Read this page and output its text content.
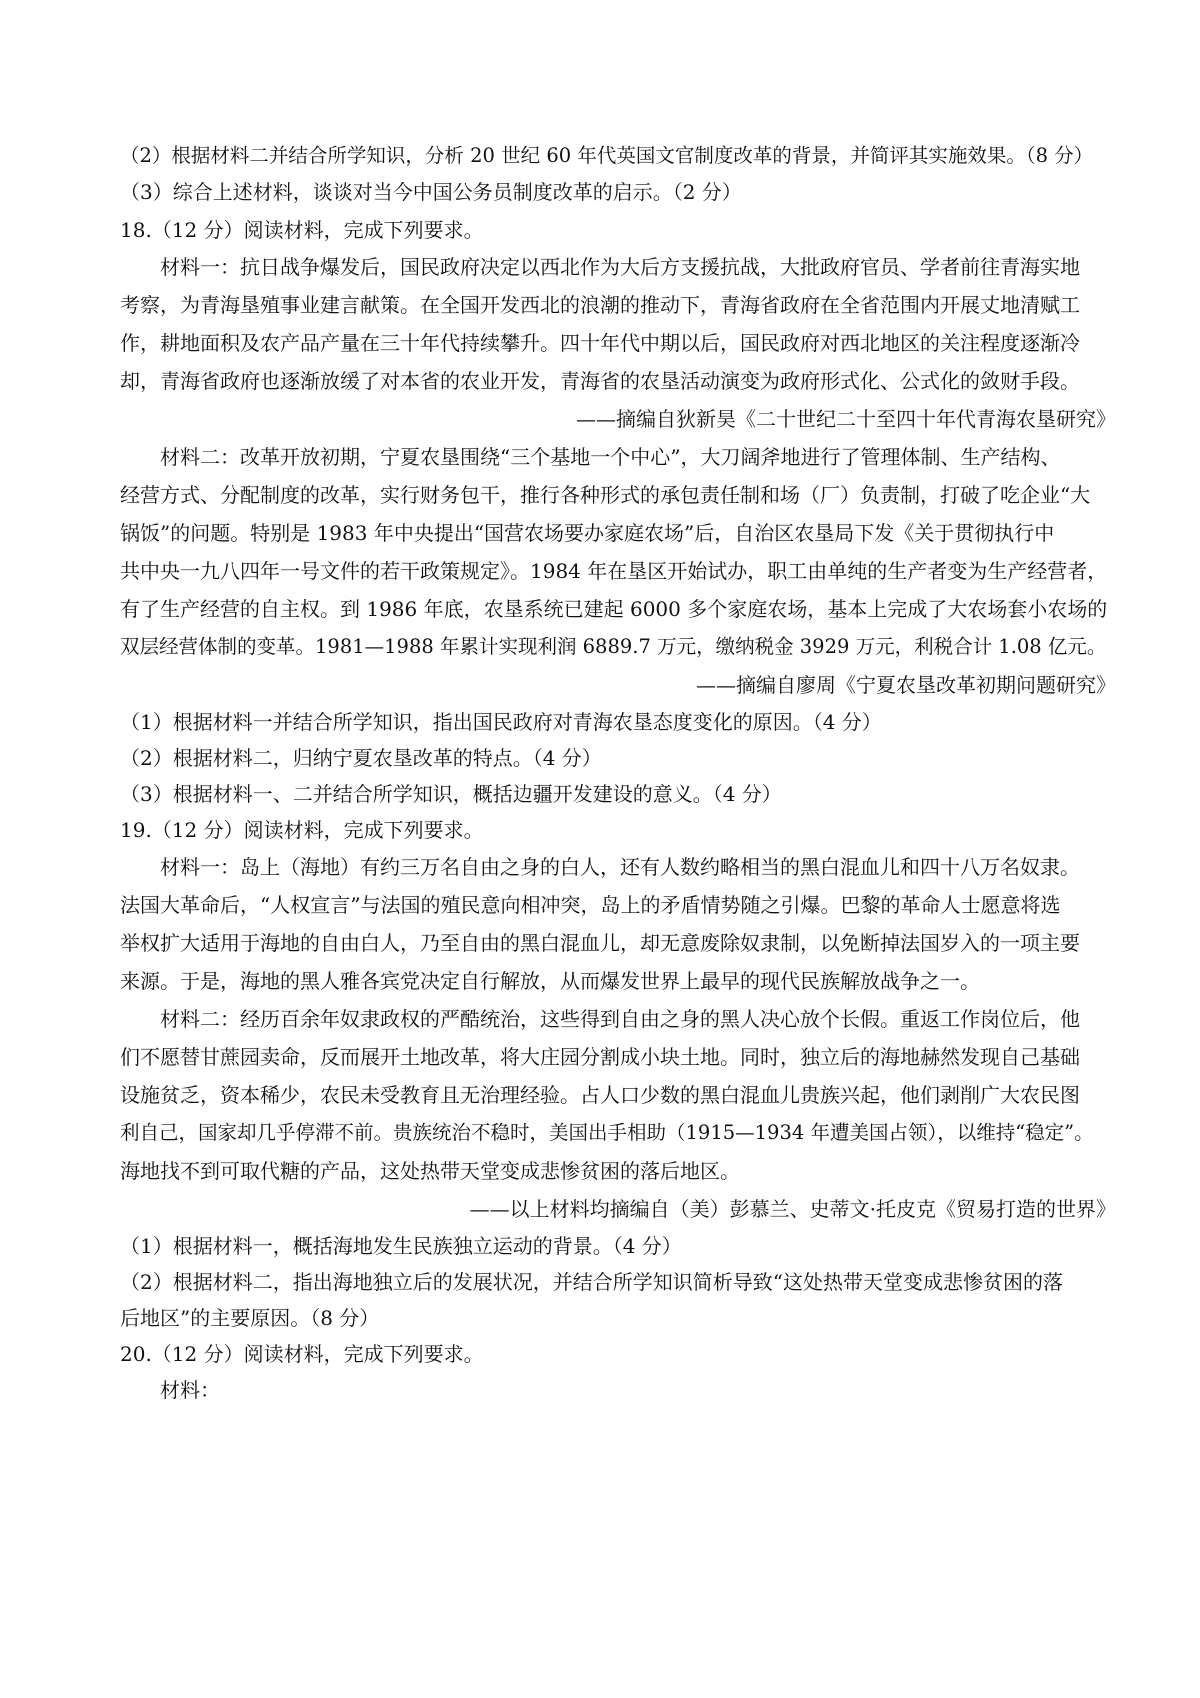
（2）根据材料二并结合所学知识，分析 20 世纪 60 年代英国文官制度改革的背景，并简评其实施效果。（8 分）
（3）综合上述材料，谈谈对当今中国公务员制度改革的启示。（2 分）
18.（12 分）阅读材料，完成下列要求。
材料一：抗日战争爆发后，国民政府决定以西北作为大后方支援抗战，大批政府官员、学者前往青海实地
考察，为青海垦殖事业建言献策。在全国开发西北的浪潮的推动下，青海省政府在全省范围内开展丈地清赋工
作，耕地面积及农产品产量在三十年代持续攀升。四十年代中期以后，国民政府对西北地区的关注程度逐渐冷
却，青海省政府也逐渐放缓了对本省的农业开发，青海省的农垦活动演变为政府形式化、公式化的敛财手段。
——摘编自狄新昊《二十世纪二十至四十年代青海农垦研究》
材料二：改革开放初期，宁夏农垦围绕“三个基地一个中心”，大刀阔斧地进行了管理体制、生产结构、
经营方式、分配制度的改革，实行财务包干，推行各种形式的承包责任制和场（厂）负责制，打破了吃企业“大
锅饭”的问题。特别是 1983 年中央提出“国营农场要办家庭农场”后，自治区农垦局下发《关于贯彻执行中
共中央一九八四年一号文件的若干政策规定》。1984 年在垦区开始试办，职工由单纯的生产者变为生产经营者，
有了生产经营的自主权。到 1986 年底，农垦系统已建起 6000 多个家庭农场，基本上完成了大农场套小农场的
双层经营体制的变革。1981—1988 年累计实现利润 6889.7 万元，缴纳税金 3929 万元，利税合计 1.08 亿元。
——摘编自廖周《宁夏农垦改革初期问题研究》
（1）根据材料一并结合所学知识，指出国民政府对青海农垦态度变化的原因。（4 分）
（2）根据材料二，归纳宁夏农垦改革的特点。（4 分）
（3）根据材料一、二并结合所学知识，概括边疆开发建设的意义。（4 分）
19.（12 分）阅读材料，完成下列要求。
材料一：岛上（海地）有约三万名自由之身的白人，还有人数约略相当的黑白混血儿和四十八万名奴隶。
法国大革命后，“人权宣言”与法国的殖民意向相冲突，岛上的矛盾情势随之引爆。巴黎的革命人士愿意将选
举权扩大适用于海地的自由白人，乃至自由的黑白混血儿，却无意废除奴隶制，以免断掉法国岁入的一项主要
来源。于是，海地的黑人雅各宾党决定自行解放，从而爆发世界上最早的现代民族解放战争之一。
材料二：经历百余年奴隶政权的严酷统治，这些得到自由之身的黑人决心放个长假。重返工作岗位后，他
们不愿替甘蔗园卖命，反而展开土地改革，将大庄园分割成小块土地。同时，独立后的海地赫然发现自己基础
设施贫乏，资本稀少，农民未受教育且无治理经验。占人口少数的黑白混血儿贵族兴起，他们剥削广大农民图
利自己，国家却几乎停滞不前。贵族统治不稳时，美国出手相助（1915—1934 年遭美国占领），以维持“稳定”。
海地找不到可取代糖的产品，这处热带天堂变成悲惨贫困的落后地区。
——以上材料均摘编自（美）彭慕兰、史蒂文·托皮克《贸易打造的世界》
（1）根据材料一，概括海地发生民族独立运动的背景。（4 分）
（2）根据材料二，指出海地独立后的发展状况，并结合所学知识简析导致“这处热带天堂变成悲惨贫困的落
后地区”的主要原因。（8 分）
20.（12 分）阅读材料，完成下列要求。
材料：
